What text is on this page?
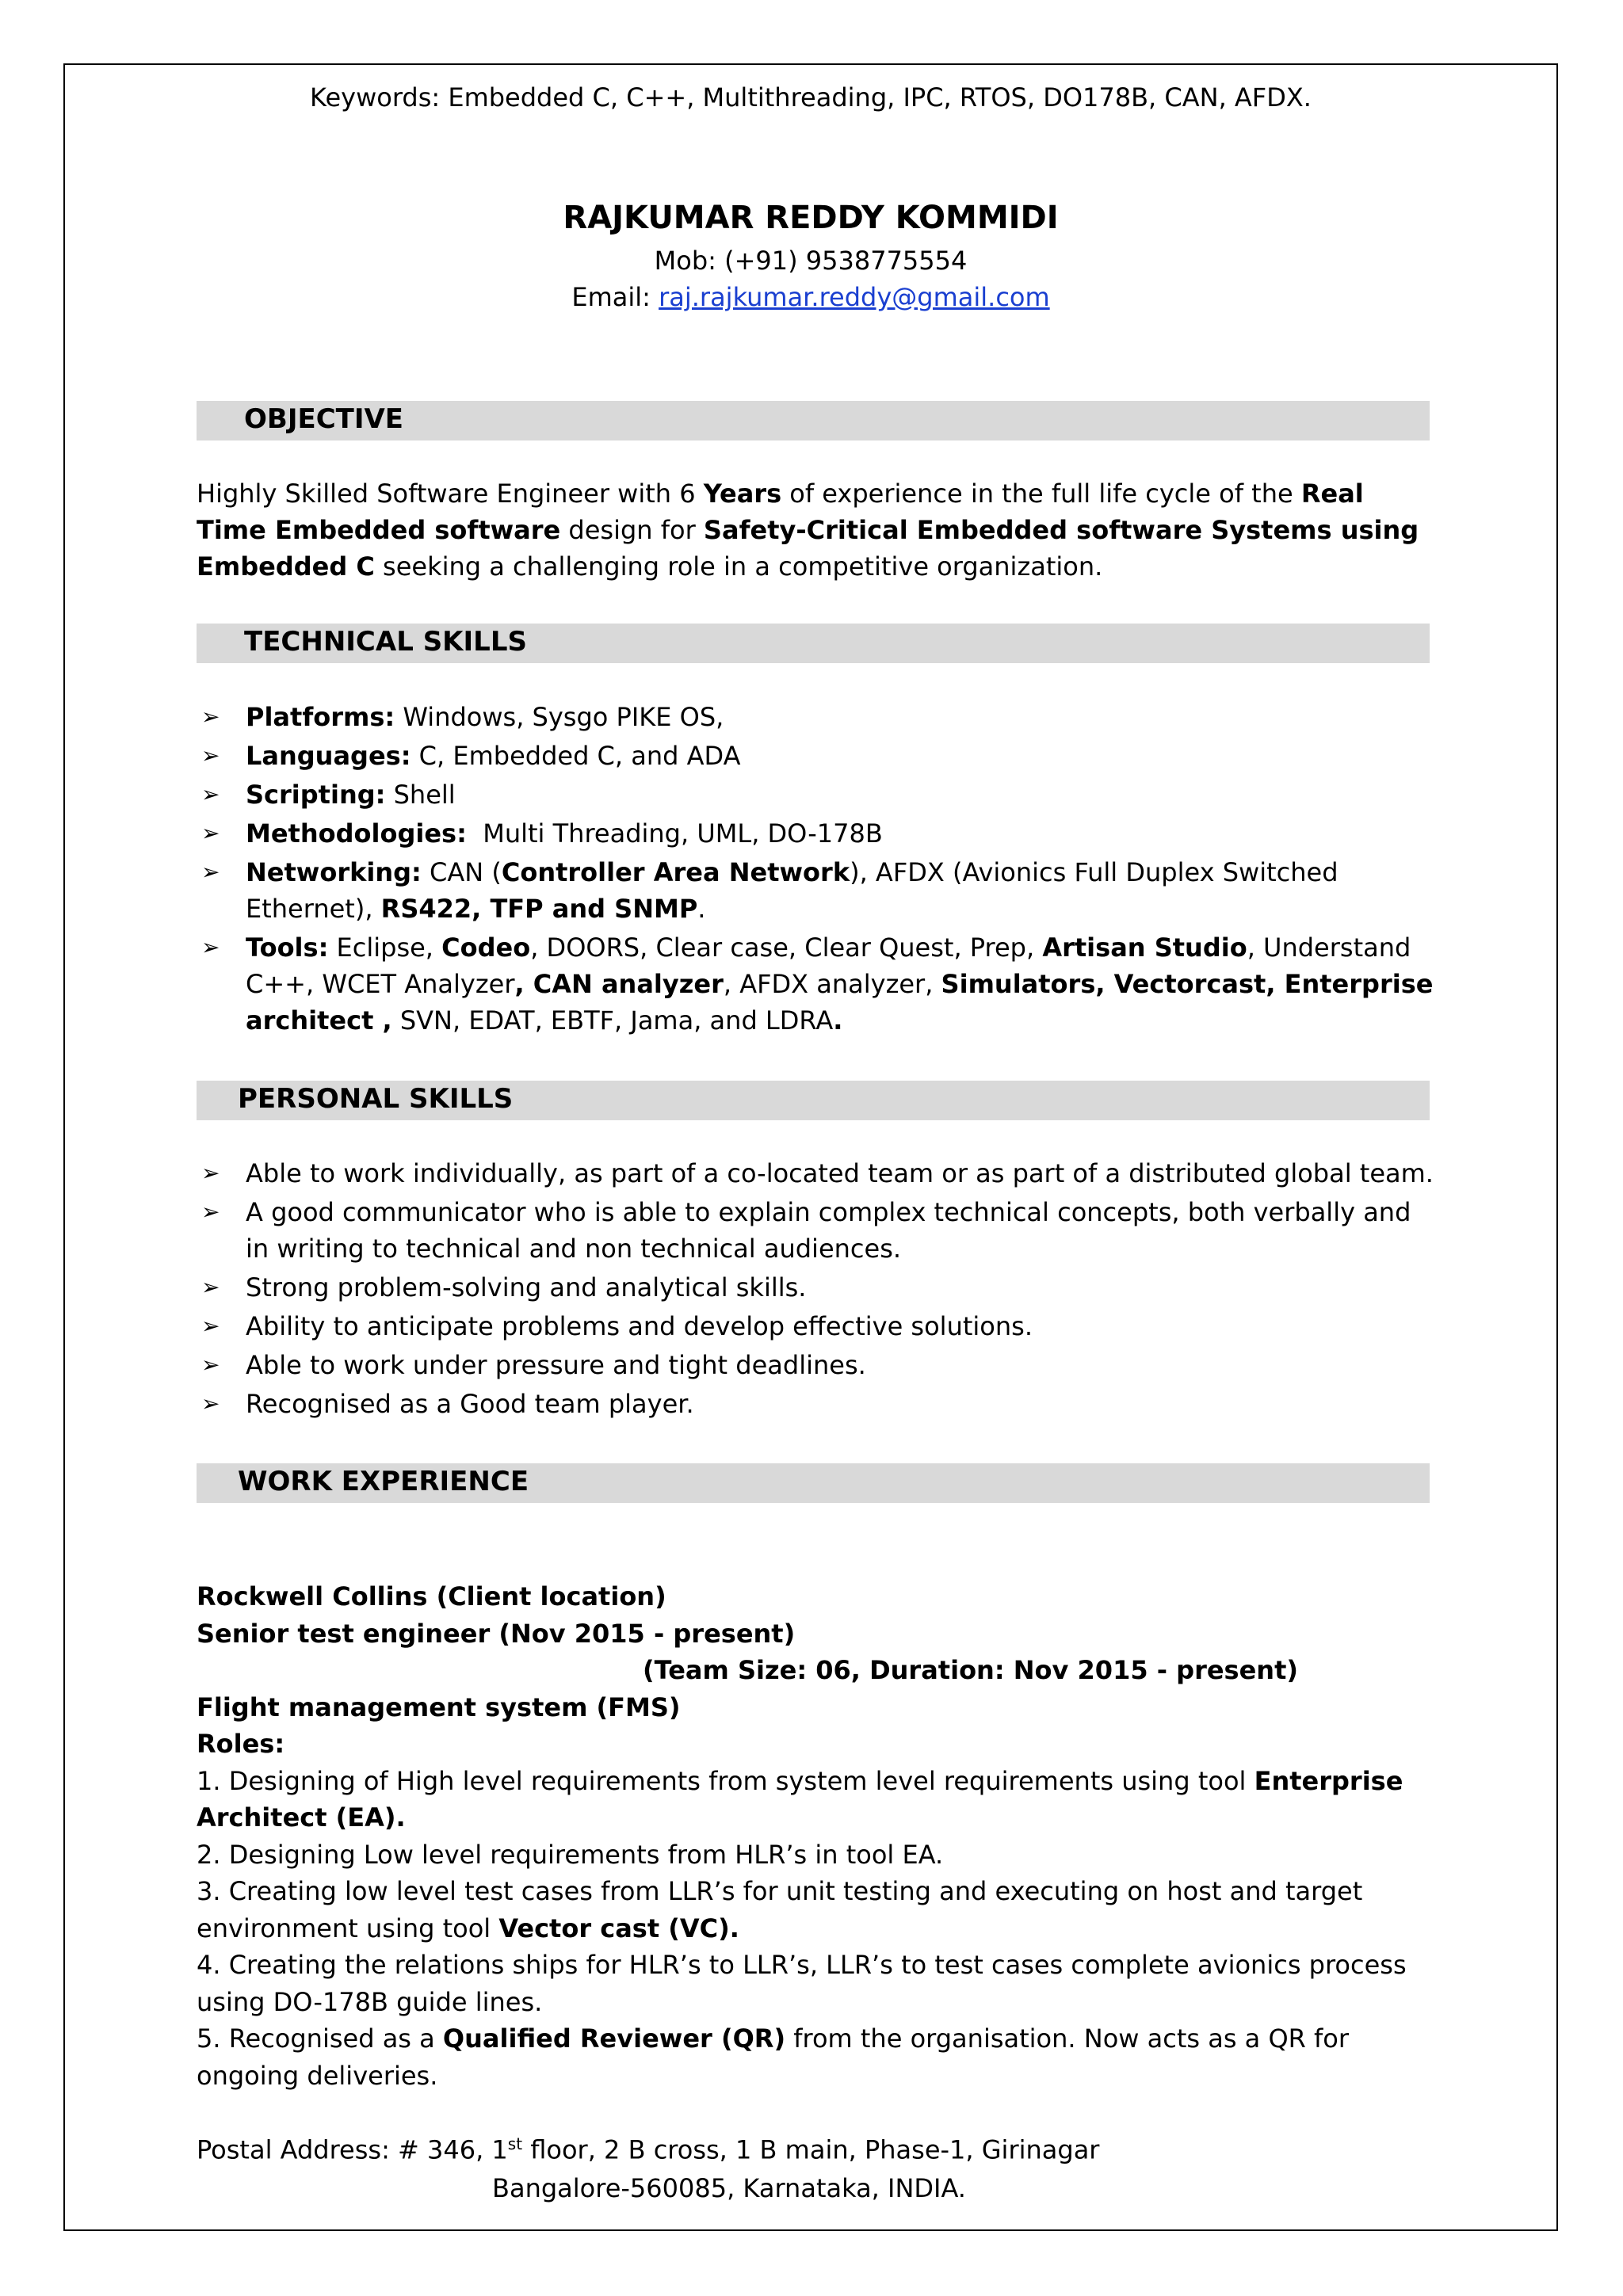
Keywords: Embedded C, C++, Multithreading, IPC, RTOS, DO178B, CAN, AFDX.
RAJKUMAR REDDY KOMMIDI
Mob: (+91) 9538775554
Email: raj.rajkumar.reddy@gmail.com
OBJECTIVE
Highly Skilled Software Engineer with 6 Years of experience in the full life cycle of the Real Time Embedded software design for Safety-Critical Embedded software Systems using Embedded C seeking a challenging role in a competitive organization.
TECHNICAL SKILLS
➢ Platforms: Windows, Sysgo PIKE OS,
➢ Languages: C, Embedded C, and ADA
➢ Scripting: Shell
➢ Methodologies:  Multi Threading, UML, DO-178B
➢ Networking: CAN (Controller Area Network), AFDX (Avionics Full Duplex Switched Ethernet), RS422, TFP and SNMP.
➢ Tools: Eclipse, Codeo, DOORS, Clear case, Clear Quest, Prep, Artisan Studio, Understand C++, WCET Analyzer, CAN analyzer, AFDX analyzer, Simulators, Vectorcast, Enterprise architect , SVN, EDAT, EBTF, Jama, and LDRA.
PERSONAL SKILLS
➢ Able to work individually, as part of a co-located team or as part of a distributed global team.
➢ A good communicator who is able to explain complex technical concepts, both verbally and in writing to technical and non technical audiences.
➢ Strong problem-solving and analytical skills.
➢ Ability to anticipate problems and develop effective solutions.
➢ Able to work under pressure and tight deadlines.
➢ Recognised as a Good team player.
WORK EXPERIENCE
Rockwell Collins (Client location)
Senior test engineer (Nov 2015 - present)
(Team Size: 06, Duration: Nov 2015 - present)
Flight management system (FMS)
Roles:
1. Designing of High level requirements from system level requirements using tool Enterprise Architect (EA).
2. Designing Low level requirements from HLR’s in tool EA.
3. Creating low level test cases from LLR’s for unit testing and executing on host and target environment using tool Vector cast (VC).
4. Creating the relations ships for HLR’s to LLR’s, LLR’s to test cases complete avionics process using DO-178B guide lines.
5. Recognised as a Qualified Reviewer (QR) from the organisation. Now acts as a QR for ongoing deliveries.
Postal Address: # 346, 1st floor, 2 B cross, 1 B main, Phase-1, Girinagar
Bangalore-560085, Karnataka, INDIA.
